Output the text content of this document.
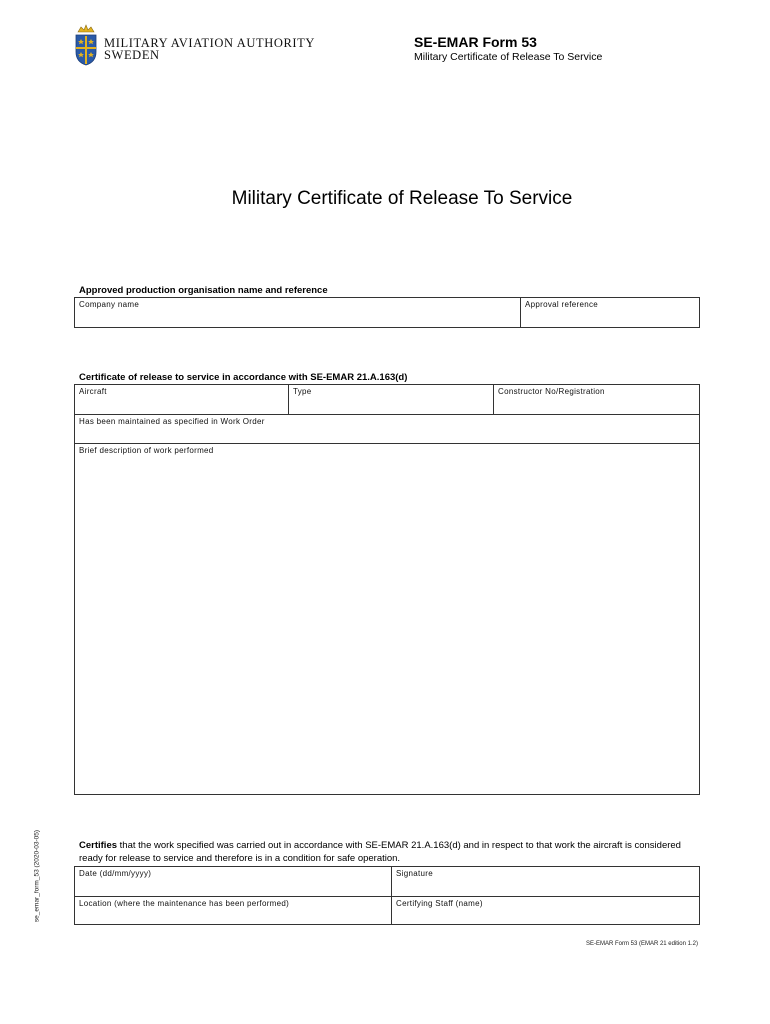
MILITARY AVIATION AUTHORITY
SWEDEN
SE-EMAR Form 53
Military Certificate of Release To Service
Military Certificate of Release To Service
Approved production organisation name and reference
Company name	Approval reference
Certificate of release to service in accordance with SE-EMAR 21.A.163(d)
Aircraft	Type	Constructor No/Registration
Has been maintained as specified in Work Order
Brief description of work performed
se_emar_form_53 (2020-03-05)	Certifies that the work specified was carried out in accordance with SE-EMAR 21.A.163(d) and in respect to that work the aircraft is considered ready for release to service and therefore is in a condition for safe operation.
Date (dd/mm/yyyy)	Signature
Location (where the maintenance has been performed)	Certifying Staff (name)
SE-EMAR Form 53 (EMAR 21 edition 1.2)
